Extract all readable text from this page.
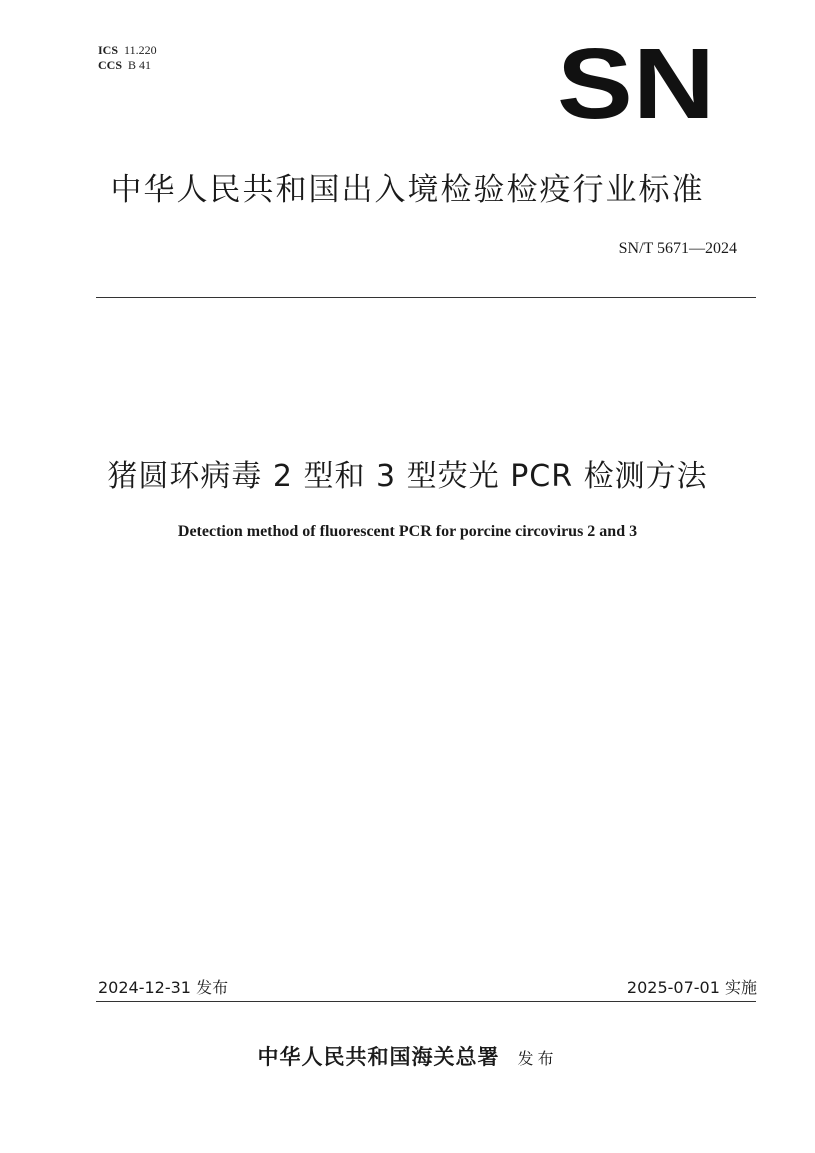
ICS 11.220
CCS B 41	SN
中华人民共和国出入境检验检疫行业标准
SN/T 5671—2024
猪圆环病毒 2 型和 3 型荧光 PCR 检测方法
Detection method of fluorescent PCR for porcine circovirus 2 and 3
2024-12-31 发布	2025-07-01 实施
中华人民共和国海关总署 发布
